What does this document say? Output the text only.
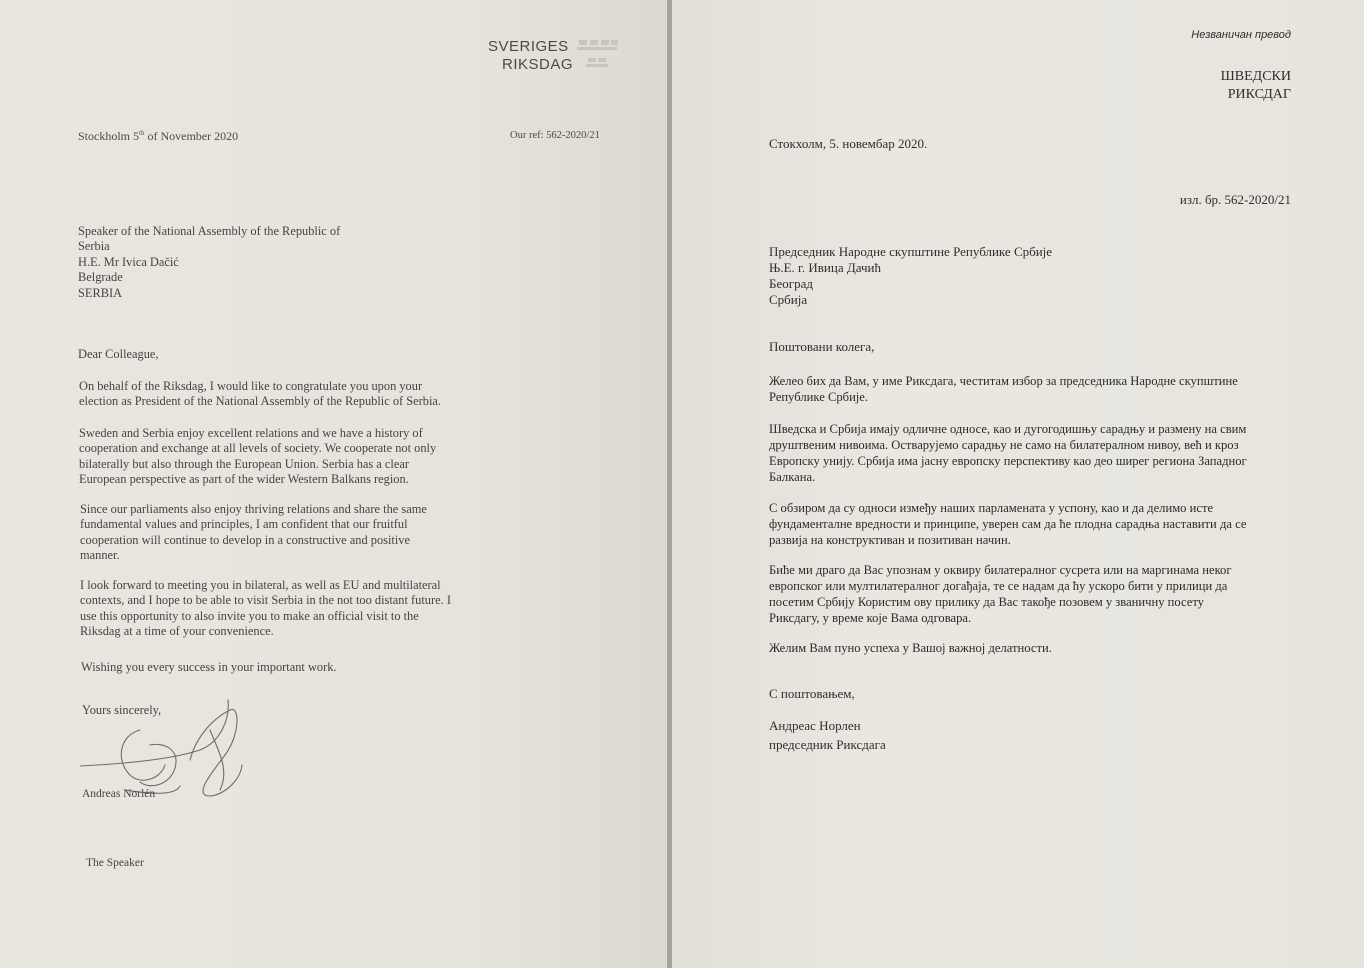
SVERIGES
RIKSDAG
Stockholm 5th of November 2020	Our ref: 562-2020/21
Speaker of the National Assembly of the Republic of
Serbia
H.E. Mr Ivica Dačić
Belgrade
SERBIA
Dear Colleague,
On behalf of the Riksdag, I would like to congratulate you upon your
election as President of the National Assembly of the Republic of Serbia.
Sweden and Serbia enjoy excellent relations and we have a history of
cooperation and exchange at all levels of society. We cooperate not only
bilaterally but also through the European Union. Serbia has a clear
European perspective as part of the wider Western Balkans region.
Since our parliaments also enjoy thriving relations and share the same
fundamental values and principles, I am confident that our fruitful
cooperation will continue to develop in a constructive and positive
manner.
I look forward to meeting you in bilateral, as well as EU and multilateral
contexts, and I hope to be able to visit Serbia in the not too distant future. I
use this opportunity to also invite you to make an official visit to the
Riksdag at a time of your convenience.
Wishing you every success in your important work.
Yours sincerely,
Andreas Norlén
The Speaker
Незваничан превод
ШВЕДСКИ
РИКСДАГ
Стокхолм, 5. новембар 2020.
изл. бр. 562-2020/21
Председник Народне скупштине Републике Србије
Њ.Е. г. Ивица Дачић
Београд
Србија
Поштовани колега,
Желео бих да Вам, у име Риксдага, честитам избор за председника Народне скупштине
Републике Србије.
Шведска и Србија имају одличне односе, као и дугогодишњу сарадњу и размену на свим
друштвеним нивоима. Остварујемо сарадњу не само на билатералном нивоу, већ и кроз
Европску унију. Србија има јасну европску перспективу као део ширег региона Западног
Балкана.
С обзиром да су односи између наших парламената у успону, као и да делимо исте
фундаменталне вредности и принципе, уверен сам да ће плодна сарадња наставити да се
развија на конструктиван и позитиван начин.
Биће ми драго да Вас упознам у оквиру билатералног сусрета или на маргинама неког
европског или мултилатералног догађаја, те се надам да ћу ускоро бити у прилици да
посетим Србију Користим ову прилику да Вас такође позовем у званичну посету
Риксдагу, у време које Вама одговара.
Желим Вам пуно успеха у Вашој важној делатности.
С поштовањем,
Андреас Норлен
председник Риксдага
